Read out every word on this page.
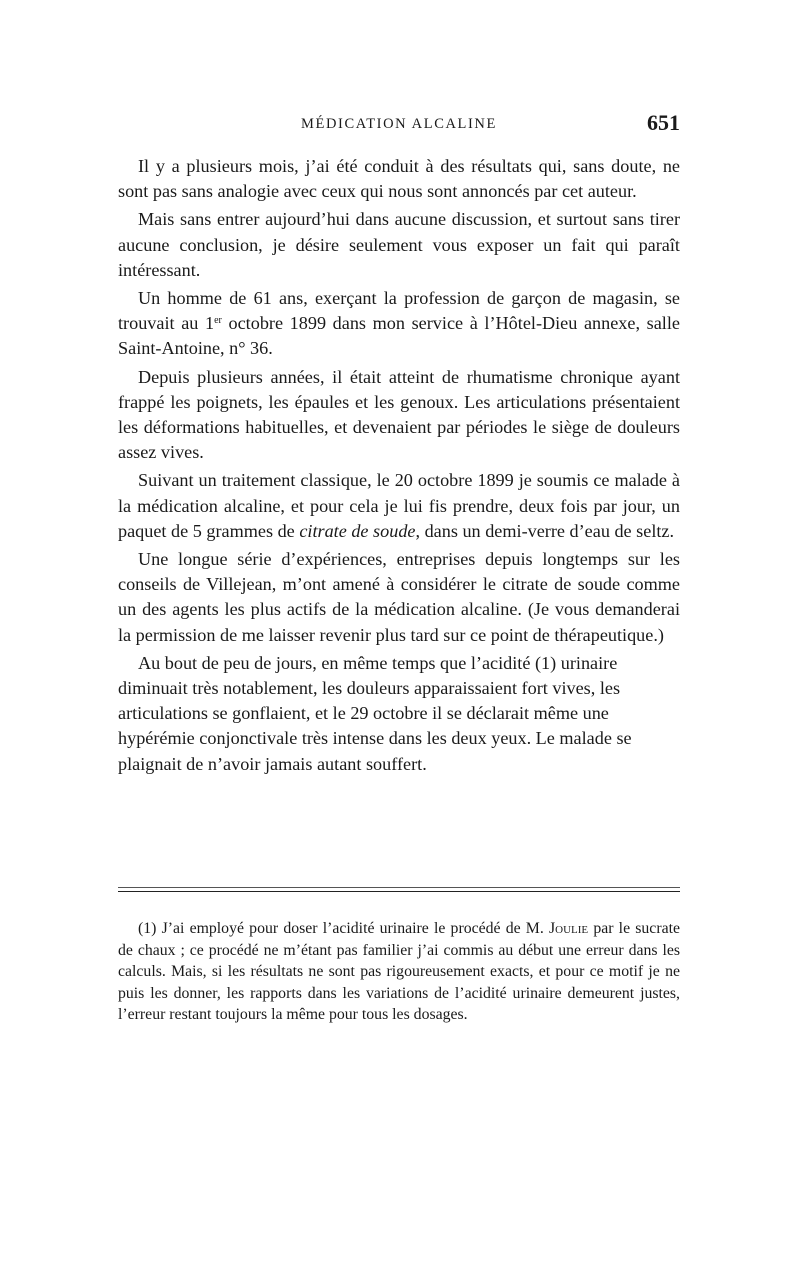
MÉDICATION ALCALINE	651

Il y a plusieurs mois, j’ai été conduit à des résultats qui, sans doute, ne sont pas sans analogie avec ceux qui nous sont annoncés par cet auteur.

Mais sans entrer aujourd’hui dans aucune discussion, et surtout sans tirer aucune conclusion, je désire seulement vous exposer un fait qui paraît intéressant.

Un homme de 61 ans, exerçant la profession de garçon de magasin, se trouvait au 1er octobre 1899 dans mon service à l’Hôtel-Dieu annexe, salle Saint-Antoine, n° 36.

Depuis plusieurs années, il était atteint de rhumatisme chronique ayant frappé les poignets, les épaules et les genoux. Les articulations présentaient les déformations habituelles, et devenaient par périodes le siège de douleurs assez vives.

Suivant un traitement classique, le 20 octobre 1899 je soumis ce malade à la médication alcaline, et pour cela je lui fis prendre, deux fois par jour, un paquet de 5 grammes de citrate de soude, dans un demi-verre d’eau de seltz.

Une longue série d’expériences, entreprises depuis longtemps sur les conseils de Villejean, m’ont amené à considérer le citrate de soude comme un des agents les plus actifs de la médication alcaline. (Je vous demanderai la permission de me laisser revenir plus tard sur ce point de thérapeutique.)

Au bout de peu de jours, en même temps que l’acidité (1) urinaire diminuait très notablement, les douleurs apparaissaient fort vives, les articulations se gonflaient, et le 29 octobre il se déclarait même une hypérémie conjonctivale très intense dans les deux yeux. Le malade se plaignait de n’avoir jamais autant souffert.

(1) J’ai employé pour doser l’acidité urinaire le procédé de M. Joulie par le sucrate de chaux ; ce procédé ne m’étant pas familier j’ai commis au début une erreur dans les calculs. Mais, si les résultats ne sont pas rigoureusement exacts, et pour ce motif je ne puis les donner, les rapports dans les variations de l’acidité urinaire demeurent justes, l’erreur restant toujours la même pour tous les dosages.
